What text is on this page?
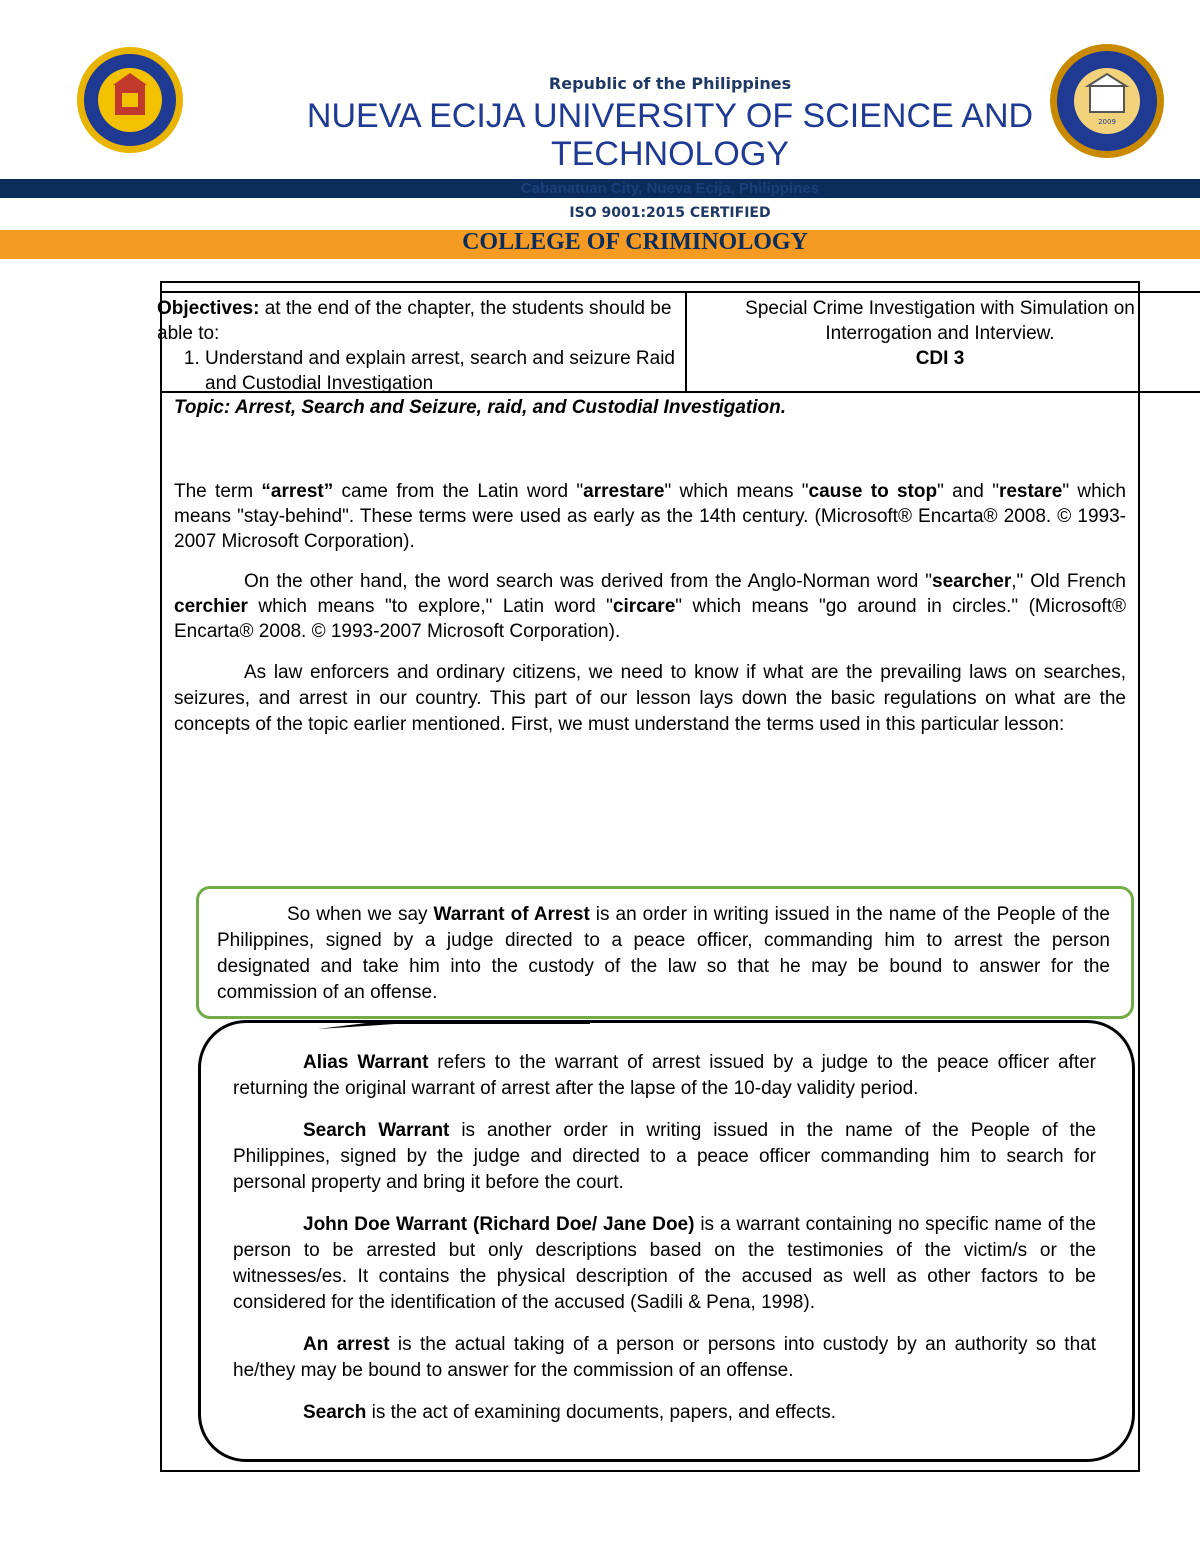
2009
Republic of the Philippines
NUEVA ECIJA UNIVERSITY OF SCIENCE AND
TECHNOLOGY
Cabanatuan City, Nueva Ecija, Philippines
ISO 9001:2015 CERTIFIED
COLLEGE OF CRIMINOLOGY
Objectives: at the end of the chapter, the students should be able to:
1. Understand and explain arrest, search and seizure Raid and Custodial Investigation
Special Crime Investigation with Simulation on Interrogation and Interview.
CDI 3
Topic: Arrest, Search and Seizure, raid, and Custodial Investigation.
The term “arrest” came from the Latin word "arrestare" which means "cause to stop" and "restare" which means "stay-behind". These terms were used as early as the 14th century. (Microsoft® Encarta® 2008. © 1993-2007 Microsoft Corporation).
On the other hand, the word search was derived from the Anglo-Norman word "searcher," Old French cerchier which means "to explore," Latin word "circare" which means "go around in circles." (Microsoft® Encarta® 2008. © 1993-2007 Microsoft Corporation).
As law enforcers and ordinary citizens, we need to know if what are the prevailing laws on searches, seizures, and arrest in our country. This part of our lesson lays down the basic regulations on what are the concepts of the topic earlier mentioned. First, we must understand the terms used in this particular lesson:
So when we say Warrant of Arrest is an order in writing issued in the name of the People of the Philippines, signed by a judge directed to a peace officer, commanding him to arrest the person designated and take him into the custody of the law so that he may be bound to answer for the commission of an offense.

Alias Warrant refers to the warrant of arrest issued by a judge to the peace officer after returning the original warrant of arrest after the lapse of the 10-day validity period.

Search Warrant is another order in writing issued in the name of the People of the Philippines, signed by the judge and directed to a peace officer commanding him to search for personal property and bring it before the court.

John Doe Warrant (Richard Doe/ Jane Doe) is a warrant containing no specific name of the person to be arrested but only descriptions based on the testimonies of the victim/s or the witnesses/es. It contains the physical description of the accused as well as other factors to be considered for the identification of the accused (Sadili & Pena, 1998).

An arrest is the actual taking of a person or persons into custody by an authority so that he/they may be bound to answer for the commission of an offense.

Search is the act of examining documents, papers, and effects.
